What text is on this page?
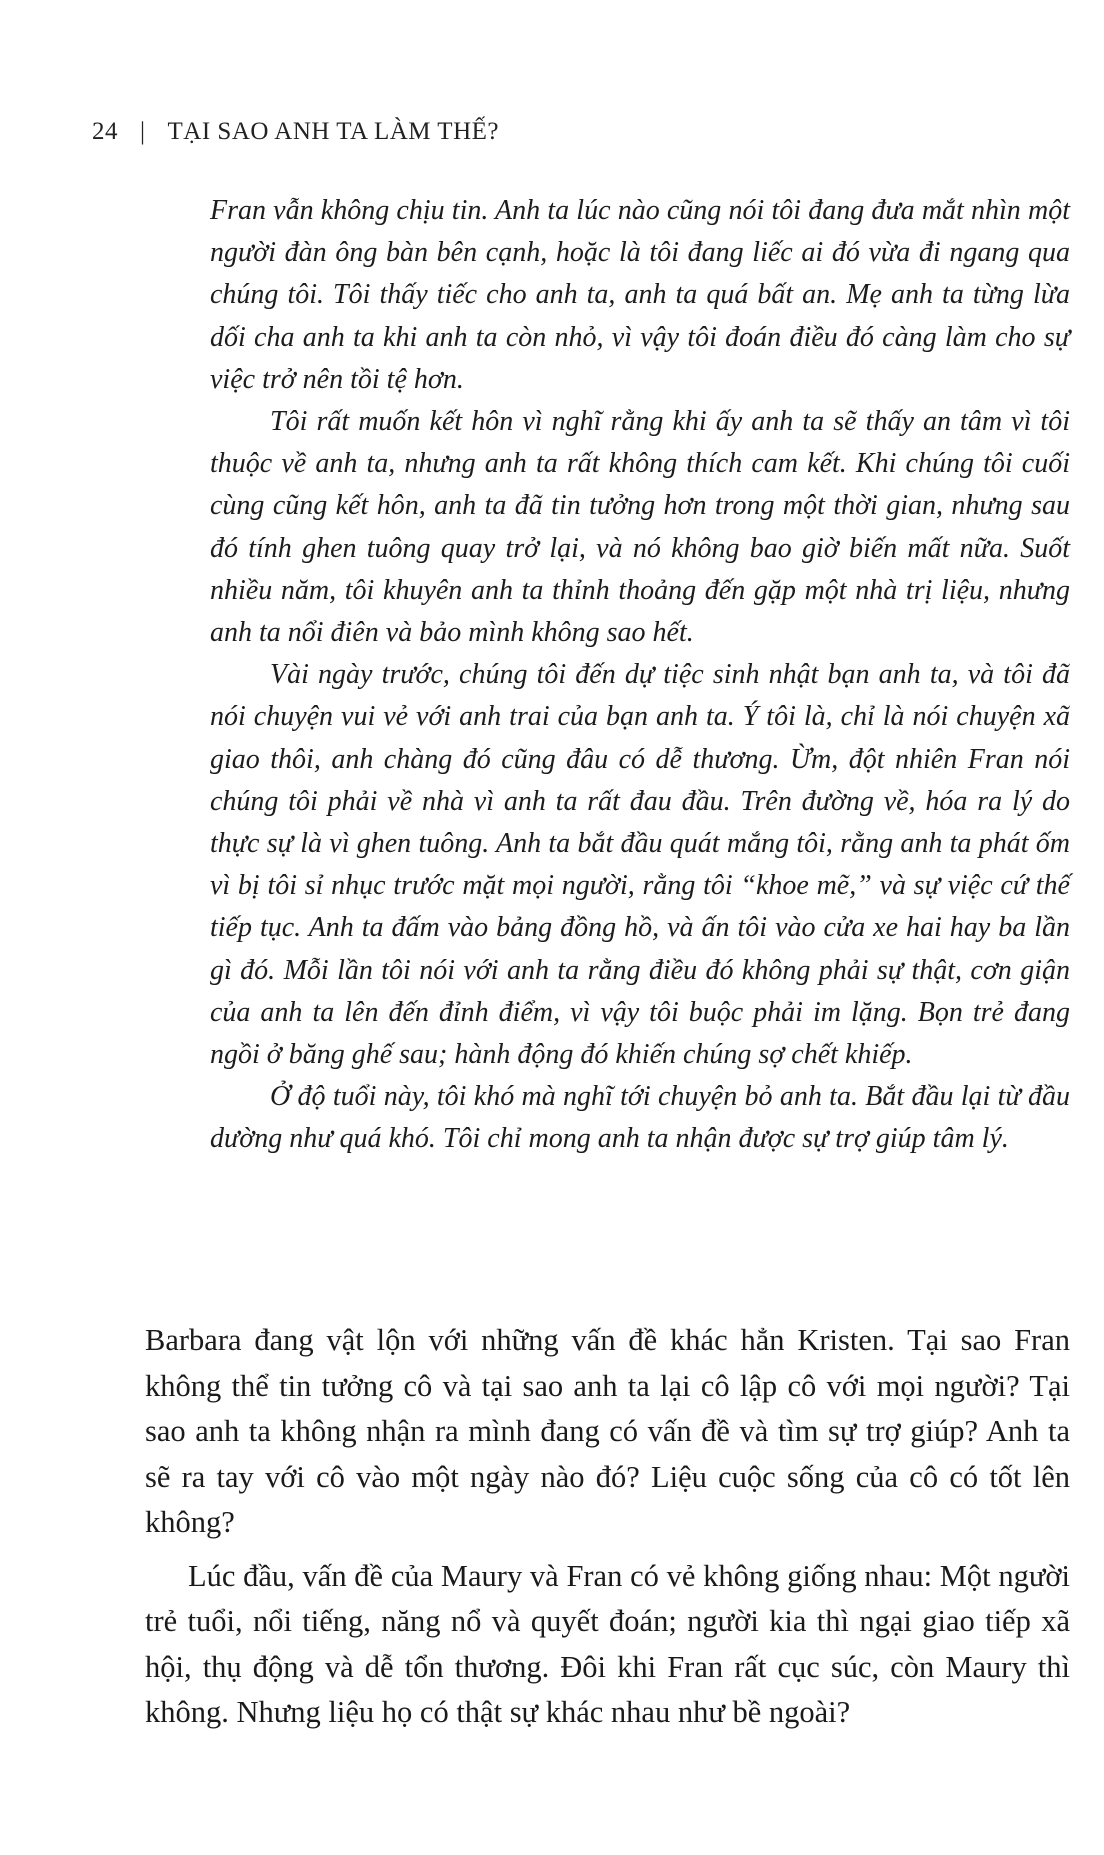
24 | TẠI SAO ANH TA LÀM THẾ?

Fran vẫn không chịu tin. Anh ta lúc nào cũng nói tôi đang đưa mắt nhìn một người đàn ông bàn bên cạnh, hoặc là tôi đang liếc ai đó vừa đi ngang qua chúng tôi. Tôi thấy tiếc cho anh ta, anh ta quá bất an. Mẹ anh ta từng lừa dối cha anh ta khi anh ta còn nhỏ, vì vậy tôi đoán điều đó càng làm cho sự việc trở nên tồi tệ hơn.

Tôi rất muốn kết hôn vì nghĩ rằng khi ấy anh ta sẽ thấy an tâm vì tôi thuộc về anh ta, nhưng anh ta rất không thích cam kết. Khi chúng tôi cuối cùng cũng kết hôn, anh ta đã tin tưởng hơn trong một thời gian, nhưng sau đó tính ghen tuông quay trở lại, và nó không bao giờ biến mất nữa. Suốt nhiều năm, tôi khuyên anh ta thỉnh thoảng đến gặp một nhà trị liệu, nhưng anh ta nổi điên và bảo mình không sao hết.

Vài ngày trước, chúng tôi đến dự tiệc sinh nhật bạn anh ta, và tôi đã nói chuyện vui vẻ với anh trai của bạn anh ta. Ý tôi là, chỉ là nói chuyện xã giao thôi, anh chàng đó cũng đâu có dễ thương. Ừm, đột nhiên Fran nói chúng tôi phải về nhà vì anh ta rất đau đầu. Trên đường về, hóa ra lý do thực sự là vì ghen tuông. Anh ta bắt đầu quát mắng tôi, rằng anh ta phát ốm vì bị tôi sỉ nhục trước mặt mọi người, rằng tôi “khoe mẽ,” và sự việc cứ thế tiếp tục. Anh ta đấm vào bảng đồng hồ, và ấn tôi vào cửa xe hai hay ba lần gì đó. Mỗi lần tôi nói với anh ta rằng điều đó không phải sự thật, cơn giận của anh ta lên đến đỉnh điểm, vì vậy tôi buộc phải im lặng. Bọn trẻ đang ngồi ở băng ghế sau; hành động đó khiến chúng sợ chết khiếp.

Ở độ tuổi này, tôi khó mà nghĩ tới chuyện bỏ anh ta. Bắt đầu lại từ đầu dường như quá khó. Tôi chỉ mong anh ta nhận được sự trợ giúp tâm lý.

Barbara đang vật lộn với những vấn đề khác hẳn Kristen. Tại sao Fran không thể tin tưởng cô và tại sao anh ta lại cô lập cô với mọi người? Tại sao anh ta không nhận ra mình đang có vấn đề và tìm sự trợ giúp? Anh ta sẽ ra tay với cô vào một ngày nào đó? Liệu cuộc sống của cô có tốt lên không?

Lúc đầu, vấn đề của Maury và Fran có vẻ không giống nhau: Một người trẻ tuổi, nổi tiếng, năng nổ và quyết đoán; người kia thì ngại giao tiếp xã hội, thụ động và dễ tổn thương. Đôi khi Fran rất cục súc, còn Maury thì không. Nhưng liệu họ có thật sự khác nhau như bề ngoài?
